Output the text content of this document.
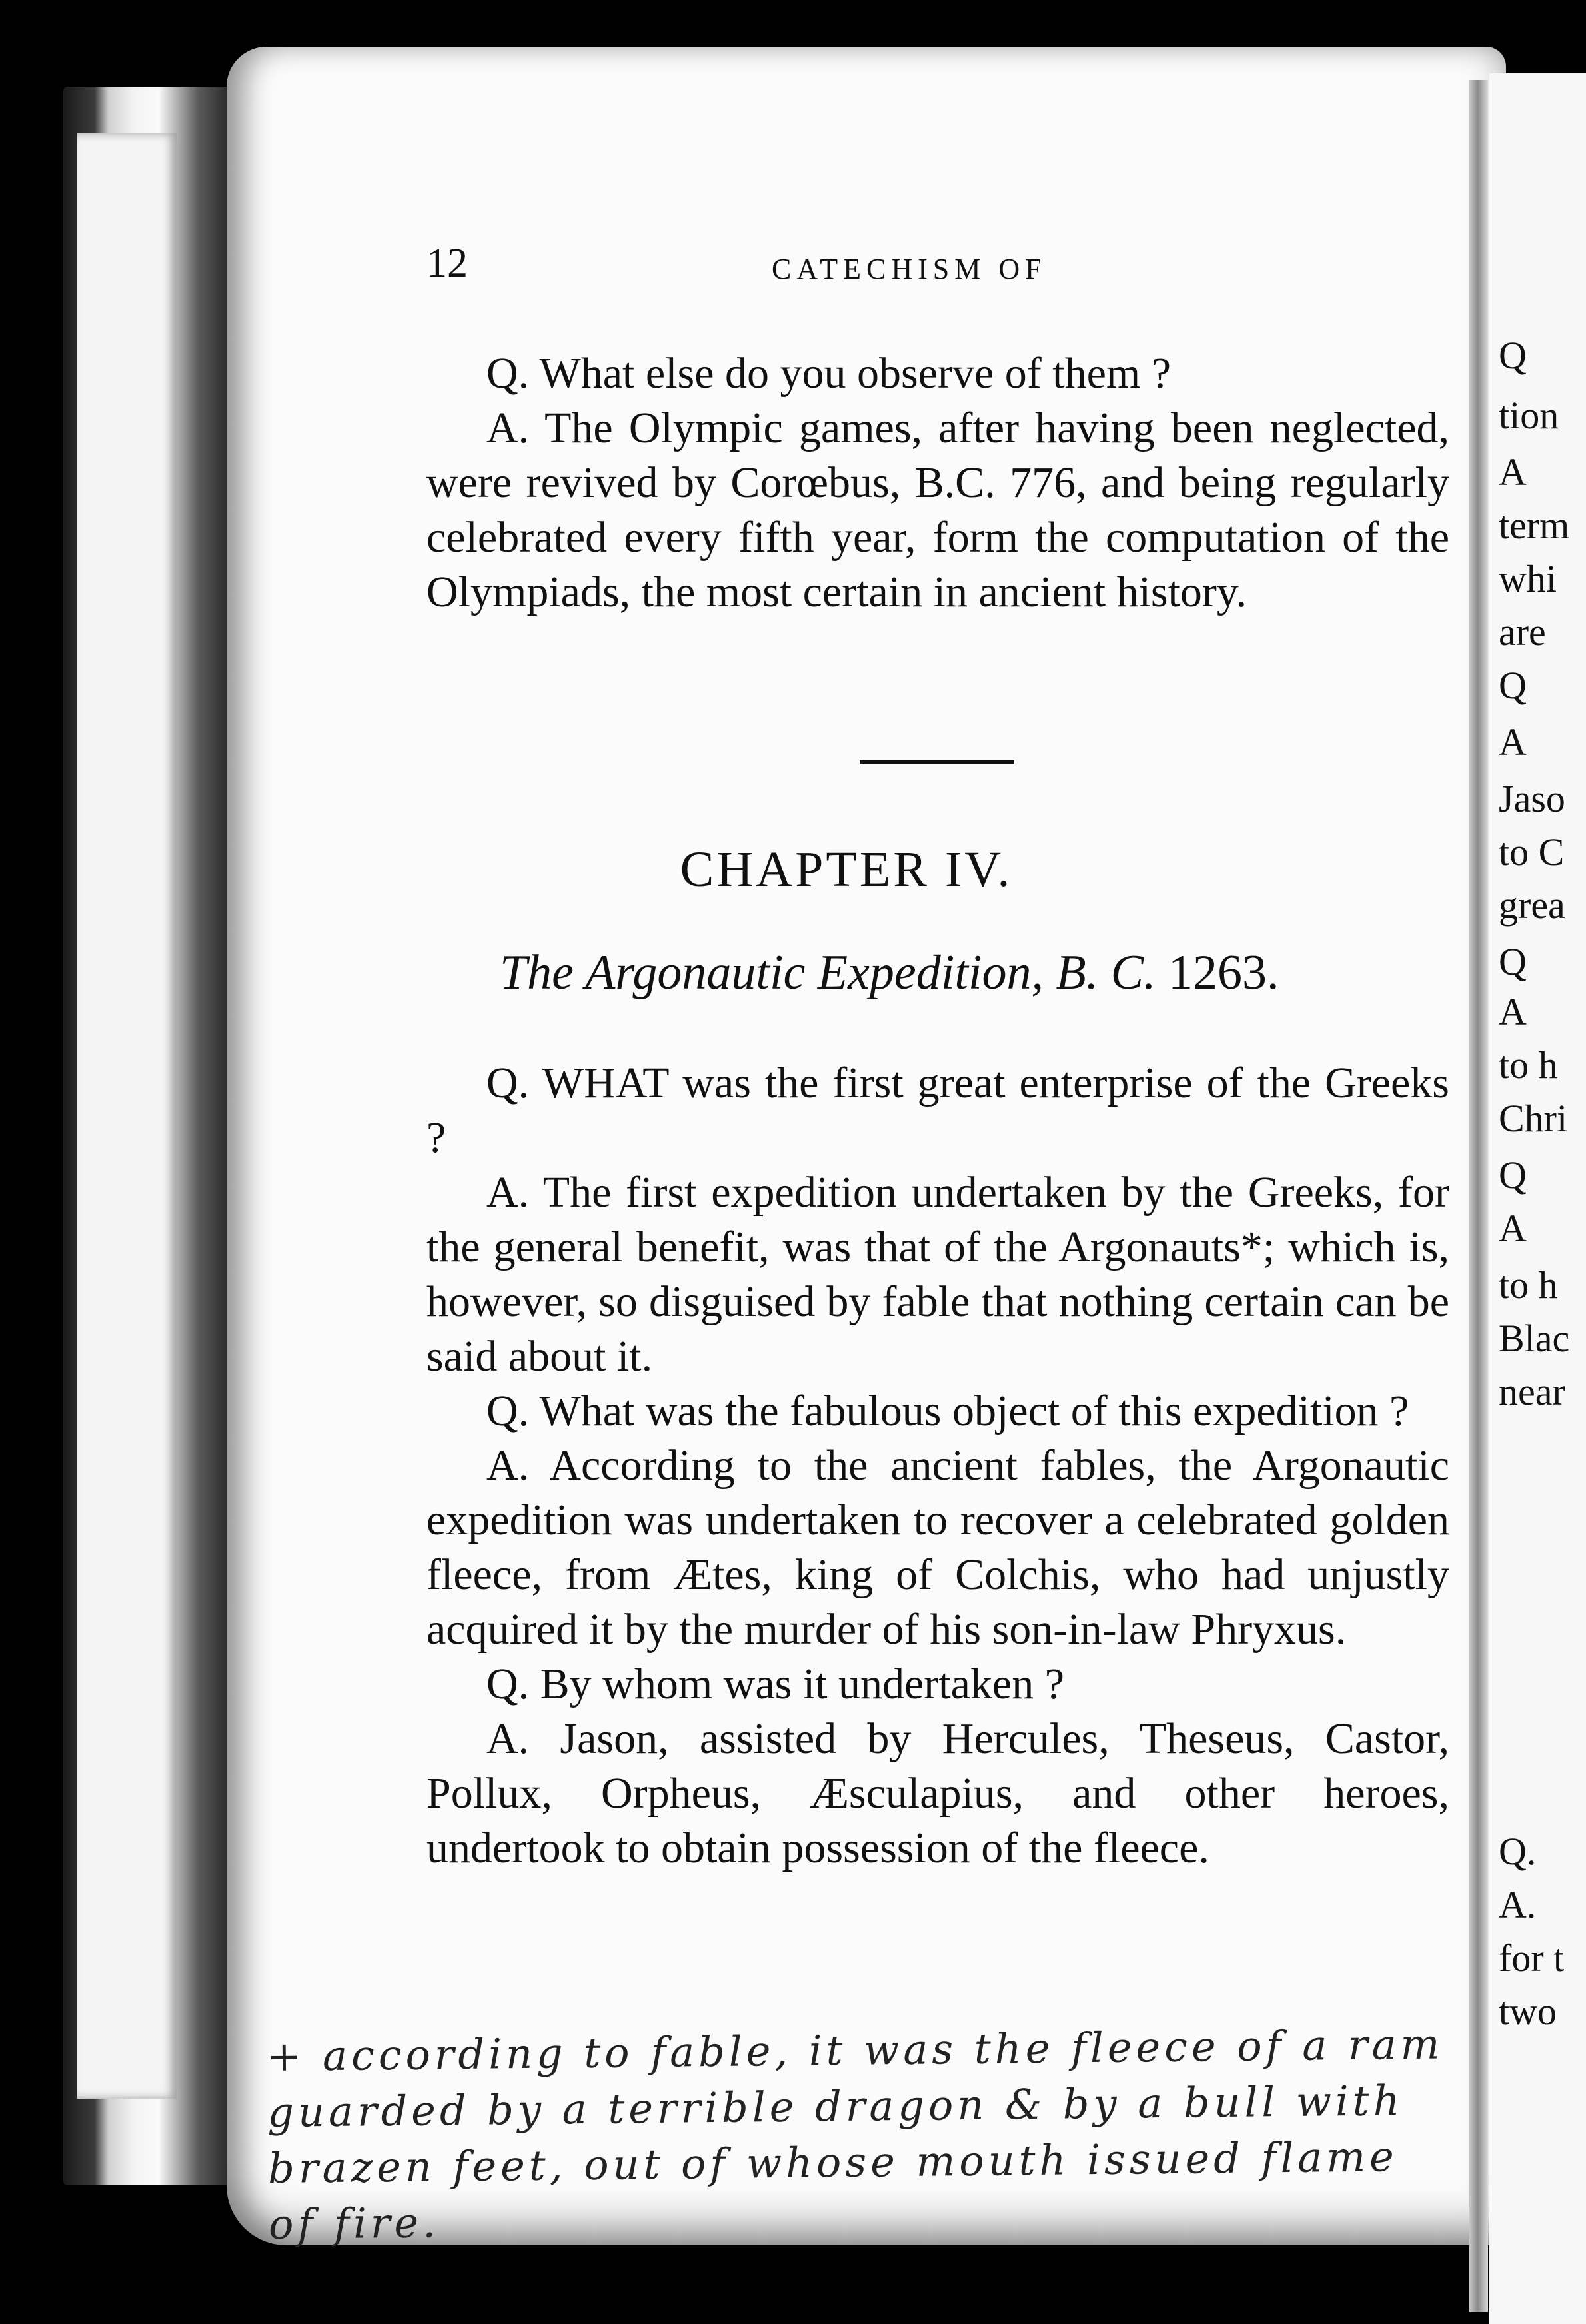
Q
tion
A
term
whi
are
Q
A
Jaso
to C
grea
Q
A
to h
Chri
Q
A
to h
Blac
near
Q.
A.
for t
two
12	CATECHISM OF

Q. What else do you observe of them ?

A. The Olympic games, after having been neglected, were revived by Corœbus, B.C. 776, and being regularly celebrated every fifth year, form the computation of the Olympiads, the most certain in ancient history.

CHAPTER IV.
The Argonautic Expedition, B. C. 1263.

Q. WHAT was the first great enterprise of the Greeks ?

A. The first expedition undertaken by the Greeks, for the general benefit, was that of the Argonauts*; which is, however, so disguised by fable that nothing certain can be said about it.

Q. What was the fabulous object of this expedition ?

A. According to the ancient fables, the Argonautic expedition was undertaken to recover a celebrated golden fleece, from Ætes, king of Colchis, who had unjustly acquired it by the murder of his son-in-law Phryxus.

Q. By whom was it undertaken ?

A. Jason, assisted by Hercules, Theseus, Castor, Pollux, Orpheus, Æsculapius, and other heroes, undertook to obtain possession of the fleece.

+ according to fable, it was the fleece of a ram
guarded by a terrible dragon & by a bull with
brazen feet, out of whose mouth issued flame
of fire.
